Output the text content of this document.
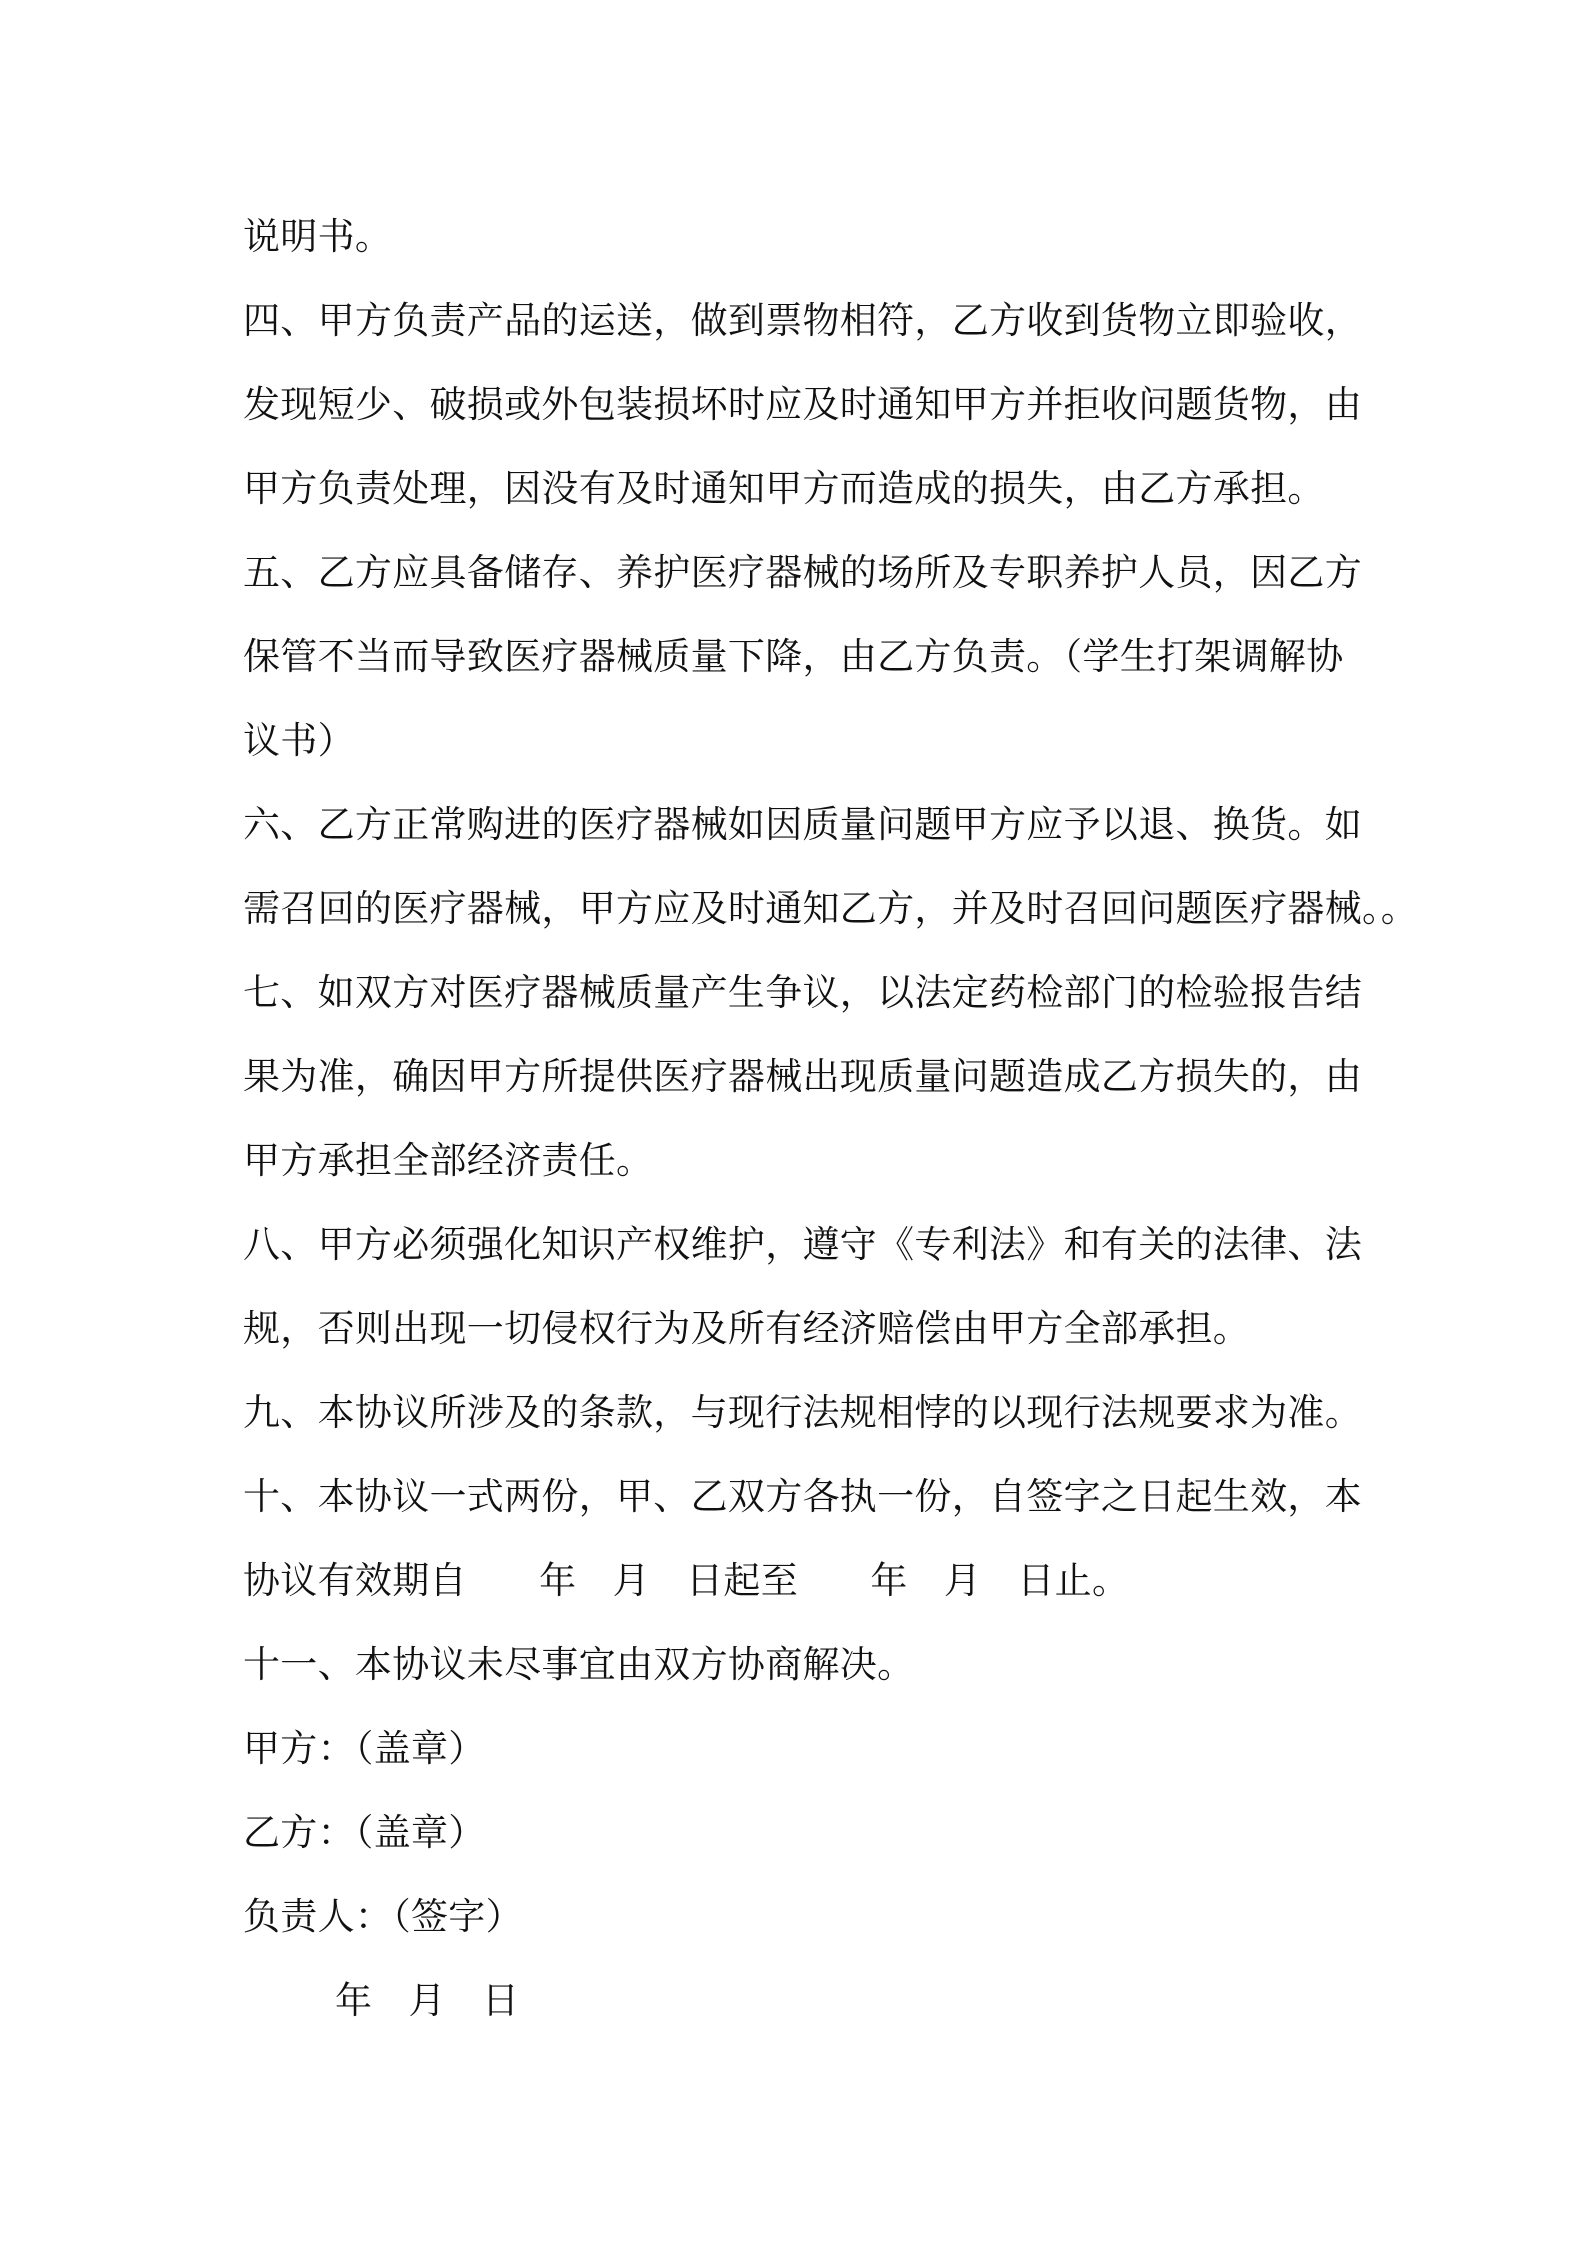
说明书。
四、甲方负责产品的运送，做到票物相符，乙方收到货物立即验收，
发现短少、破损或外包装损坏时应及时通知甲方并拒收问题货物，由
甲方负责处理，因没有及时通知甲方而造成的损失，由乙方承担。
五、乙方应具备储存、养护医疗器械的场所及专职养护人员，因乙方
保管不当而导致医疗器械质量下降，由乙方负责。（学生打架调解协
议书）
六、乙方正常购进的医疗器械如因质量问题甲方应予以退、换货。如
需召回的医疗器械，甲方应及时通知乙方，并及时召回问题医疗器械。。
七、如双方对医疗器械质量产生争议，以法定药检部门的检验报告结
果为准，确因甲方所提供医疗器械出现质量问题造成乙方损失的，由
甲方承担全部经济责任。
八、甲方必须强化知识产权维护，遵守《专利法》和有关的法律、法
规，否则出现一切侵权行为及所有经济赔偿由甲方全部承担。
九、本协议所涉及的条款，与现行法规相悖的以现行法规要求为准。
十、本协议一式两份，甲、乙双方各执一份，自签字之日起生效，本
协议有效期自      年   月   日起至      年   月   日止。
十一、本协议未尽事宜由双方协商解决。
甲方：（盖章）
乙方：（盖章）
负责人：（签字）
年   月   日
